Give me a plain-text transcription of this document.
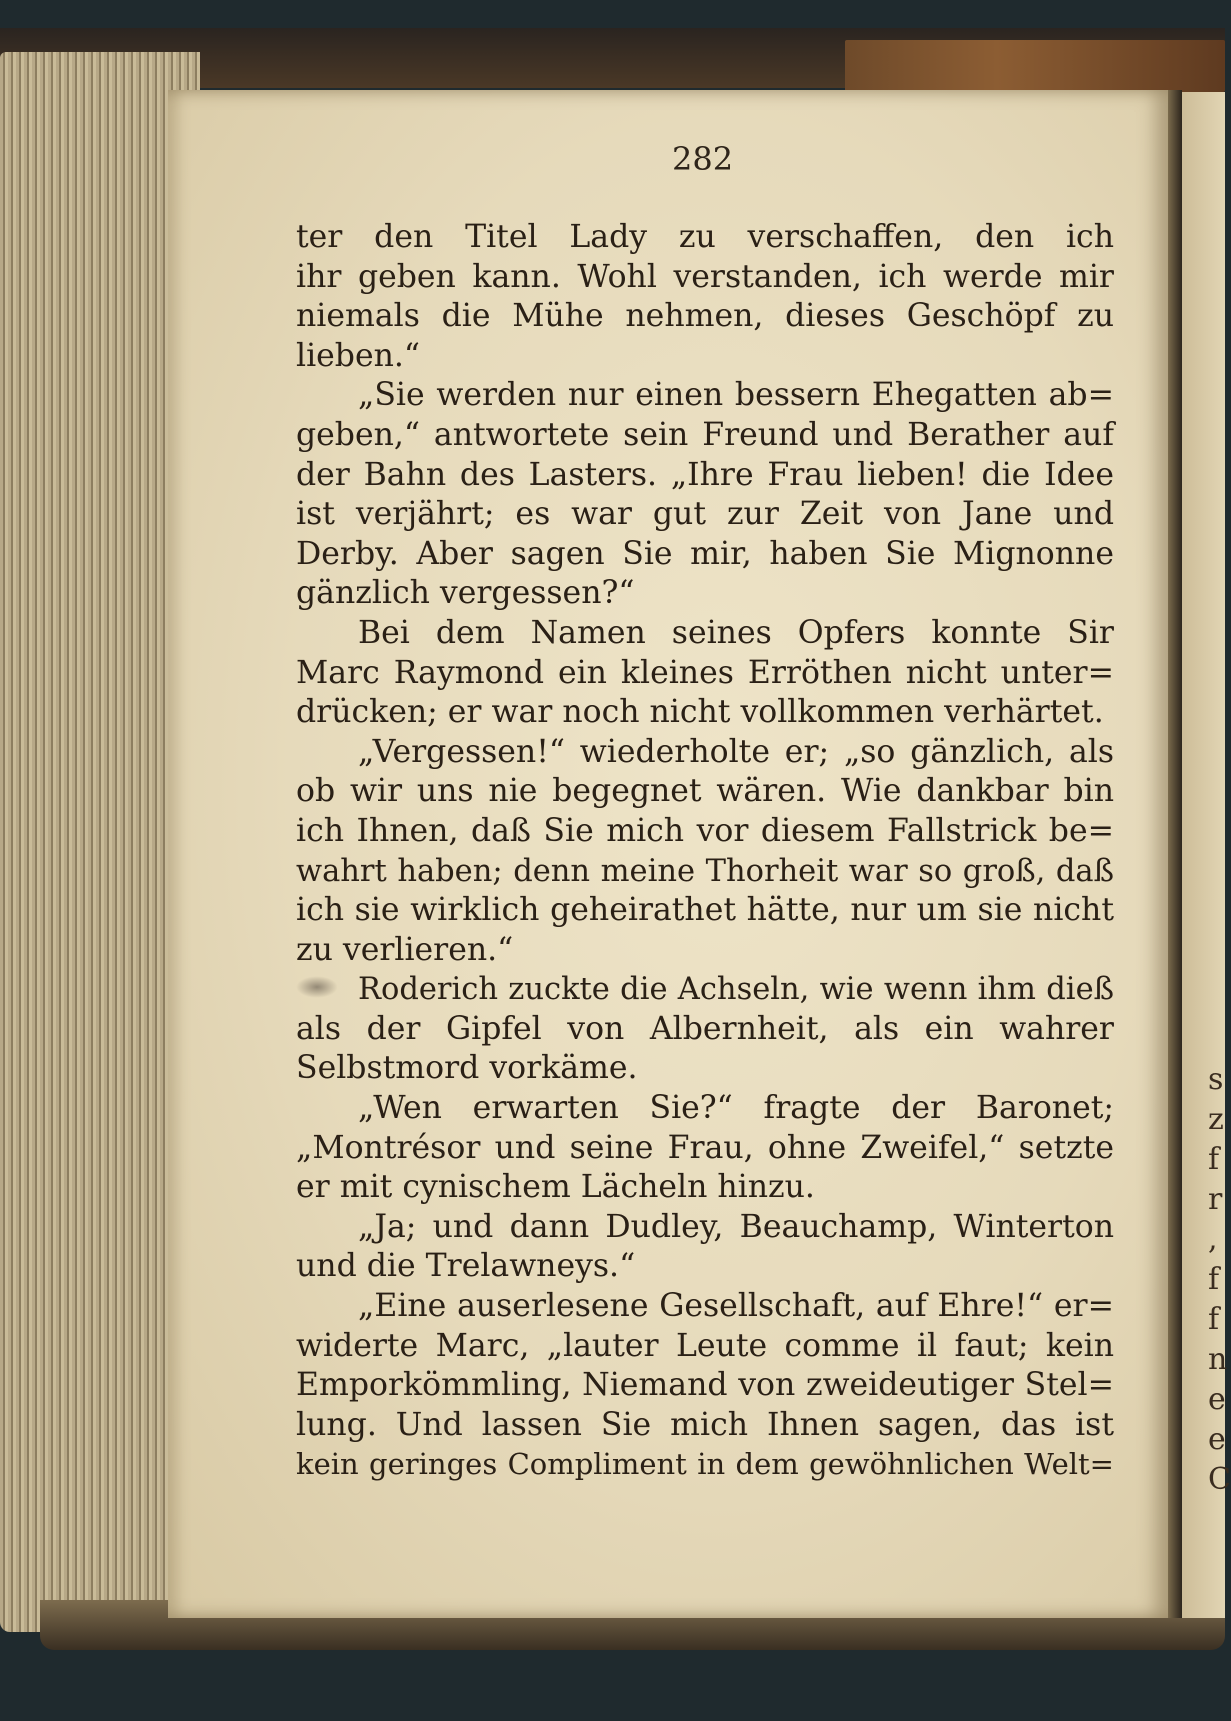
s
z
f
r
,
f
f
n
e
e
C
282
ter den Titel Lady zu verschaffen, den ich
ihr geben kann. Wohl verstanden, ich werde mir
niemals die Mühe nehmen, dieses Geschöpf zu
lieben.“
„Sie werden nur einen bessern Ehegatten ab=
geben,“ antwortete sein Freund und Berather auf
der Bahn des Lasters. „Ihre Frau lieben! die Idee
ist verjährt; es war gut zur Zeit von Jane und
Derby. Aber sagen Sie mir, haben Sie Mignonne
gänzlich vergessen?“
Bei dem Namen seines Opfers konnte Sir
Marc Raymond ein kleines Erröthen nicht unter=
drücken; er war noch nicht vollkommen verhärtet.
„Vergessen!“ wiederholte er; „so gänzlich, als
ob wir uns nie begegnet wären. Wie dankbar bin
ich Ihnen, daß Sie mich vor diesem Fallstrick be=
wahrt haben; denn meine Thorheit war so groß, daß
ich sie wirklich geheirathet hätte, nur um sie nicht
zu verlieren.“
Roderich zuckte die Achseln, wie wenn ihm dieß
als der Gipfel von Albernheit, als ein wahrer
Selbstmord vorkäme.
„Wen erwarten Sie?“ fragte der Baronet;
„Montrésor und seine Frau, ohne Zweifel,“ setzte
er mit cynischem Lächeln hinzu.
„Ja; und dann Dudley, Beauchamp, Winterton
und die Trelawneys.“
„Eine auserlesene Gesellschaft, auf Ehre!“ er=
widerte Marc, „lauter Leute comme il faut; kein
Emporkömmling, Niemand von zweideutiger Stel=
lung. Und lassen Sie mich Ihnen sagen, das ist
kein geringes Compliment in dem gewöhnlichen Welt=
